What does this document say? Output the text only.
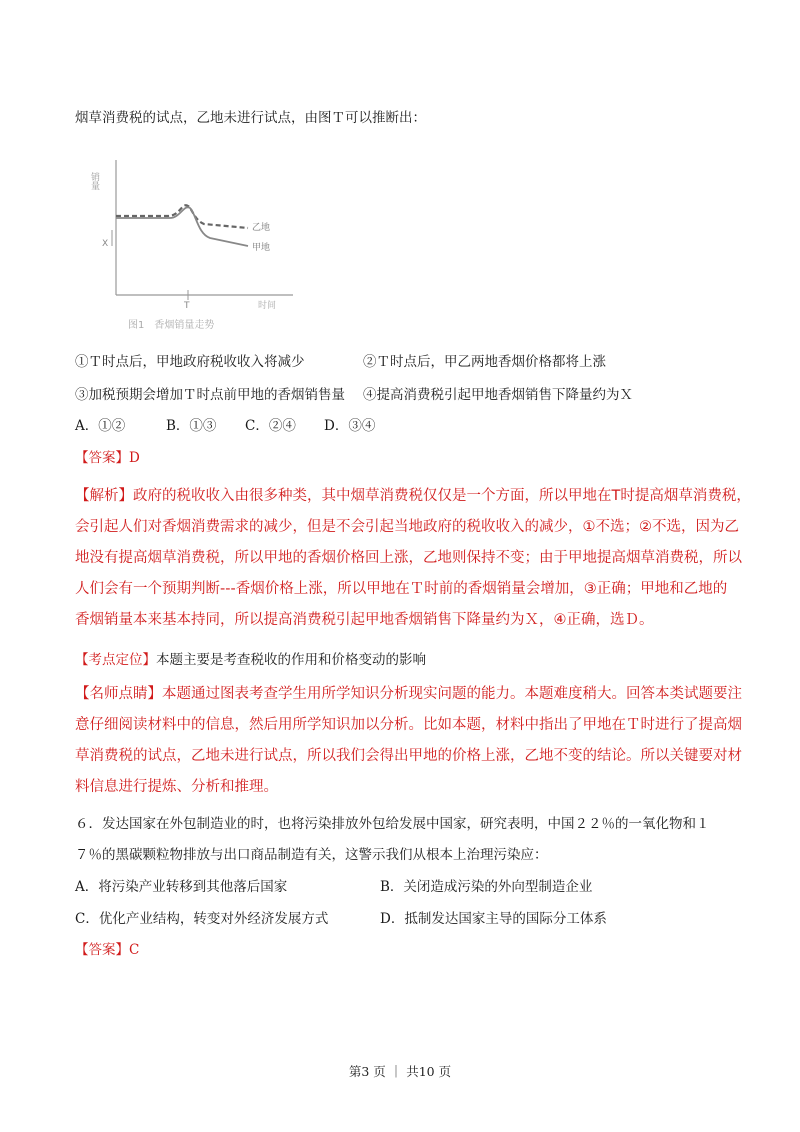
烟草消费税的试点，乙地未进行试点，由图Ｔ可以推断出：
销量
X
T	时间
乙地
甲地
图1　香烟销量走势
①Ｔ时点后，甲地政府税收收入将减少	②Ｔ时点后，甲乙两地香烟价格都将上涨
③加税预期会增加Ｔ时点前甲地的香烟销售量 ④提高消费税引起甲地香烟销售下降量约为Ｘ
A．①②	B．①③ C．②④ D．③④
【答案】D
【解析】政府的税收收入由很多种类，其中烟草消费税仅仅是一个方面，所以甲地在T时提高烟草消费税，
会引起人们对香烟消费需求的减少，但是不会引起当地政府的税收收入的减少，①不选；②不选，因为乙
地没有提高烟草消费税，所以甲地的香烟价格回上涨，乙地则保持不变；由于甲地提高烟草消费税，所以
人们会有一个预期判断---香烟价格上涨，所以甲地在Ｔ时前的香烟销量会增加，③正确；甲地和乙地的
香烟销量本来基本持同，所以提高消费税引起甲地香烟销售下降量约为Ｘ，④正确，选Ｄ。
【考点定位】本题主要是考查税收的作用和价格变动的影响
【名师点睛】本题通过图表考查学生用所学知识分析现实问题的能力。本题难度稍大。回答本类试题要注
意仔细阅读材料中的信息，然后用所学知识加以分析。比如本题，材料中指出了甲地在Ｔ时进行了提高烟
草消费税的试点，乙地未进行试点，所以我们会得出甲地的价格上涨，乙地不变的结论。所以关键要对材
料信息进行提炼、分析和推理。
６．发达国家在外包制造业的时，也将污染排放外包给发展中国家，研究表明，中国２２％的一氧化物和１
７％的黑碳颗粒物排放与出口商品制造有关，这警示我们从根本上治理污染应：
A．将污染产业转移到其他落后国家	B．关闭造成污染的外向型制造企业
C．优化产业结构，转变对外经济发展方式	D．抵制发达国家主导的国际分工体系
【答案】C
第3 页 ｜ 共10 页
